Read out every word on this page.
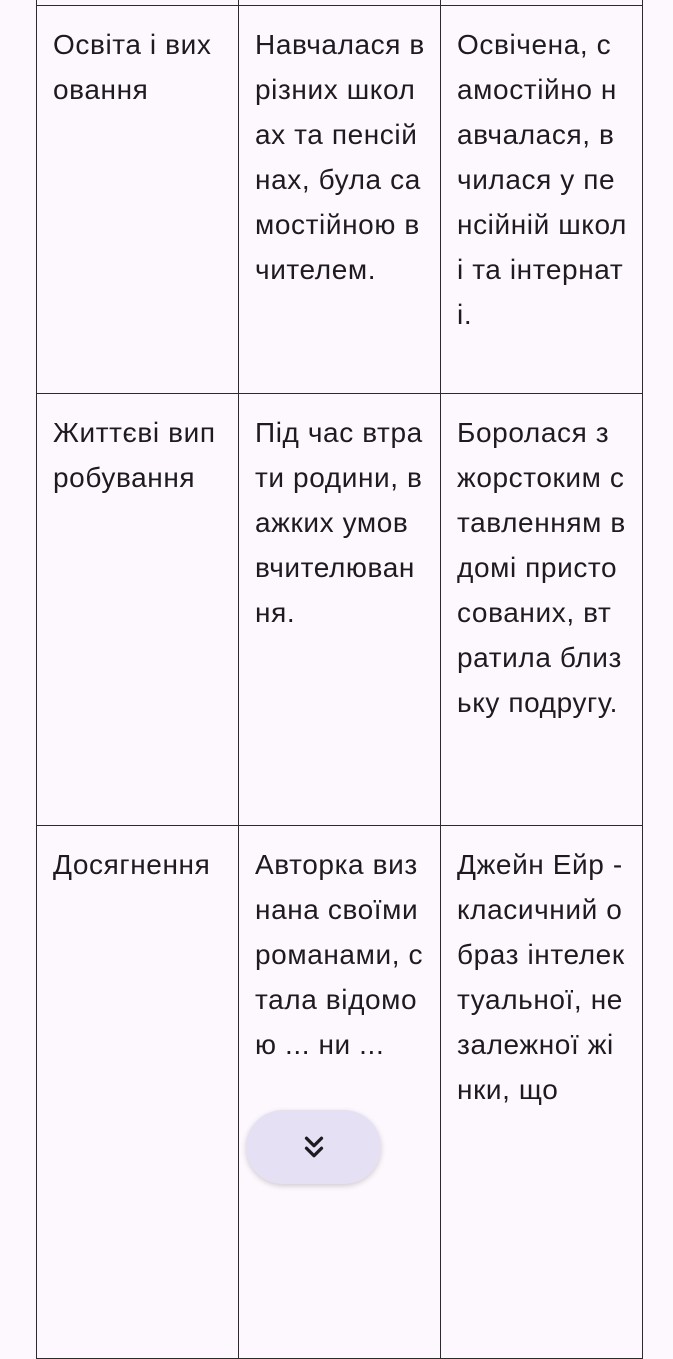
Освіта і виховання	Навчалася в різних школах та пенсійнах, була самостійною вчителем.	Освічена, самостійно навчалася, вчилася у пенсійній школі та інтернаті.
Життєві випробування	Під час втрати родини, важких умов вчителювання.	Боролася з жорстоким ставленням в домі пристосованих, втратила близьку подругу.
Досягнення	Авторка визнана своїми романами, стала відомою ... ни ...	Джейн Ейр - класичний образ інтелектуальної, незалежної жінки, що
